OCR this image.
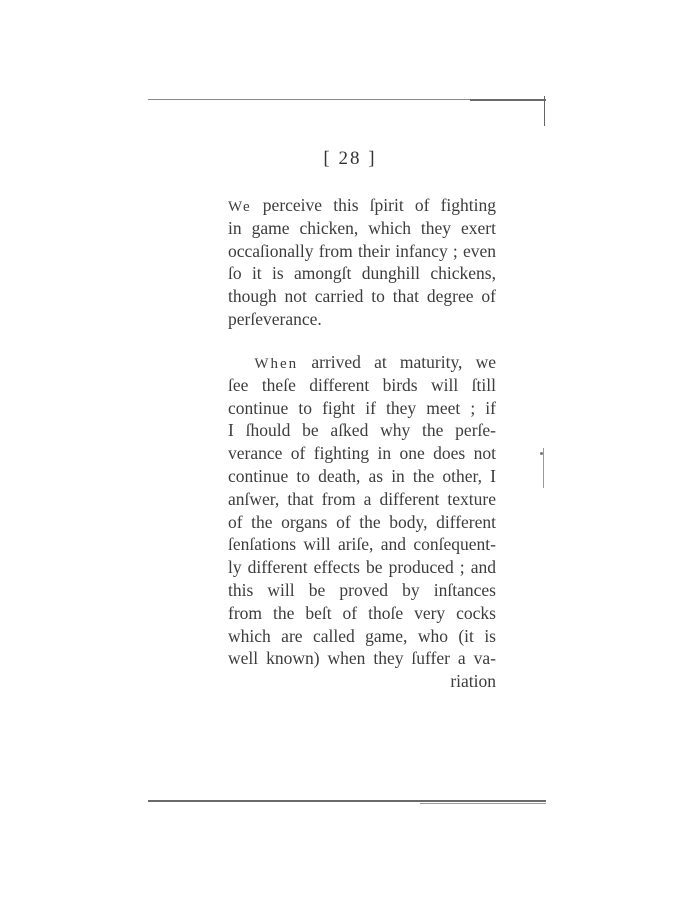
[ 28 ]
We perceive this ſpirit of fighting
in game chicken, which they exert
occaſionally from their infancy ; even
ſo it is amongſt dunghill chickens,
though not carried to that degree of
perſeverance.
When arrived at maturity, we
ſee theſe different birds will ſtill
continue to fight if they meet ; if
I ſhould be aſked why the perſe-
verance of fighting in one does not
continue to death, as in the other, I
anſwer, that from a different texture
of the organs of the body, different
ſenſations will ariſe, and conſequent-
ly different effects be produced ; and
this will be proved by inſtances
from the beſt of thoſe very cocks
which are called game, who (it is
well known) when they ſuffer a va-
riation
